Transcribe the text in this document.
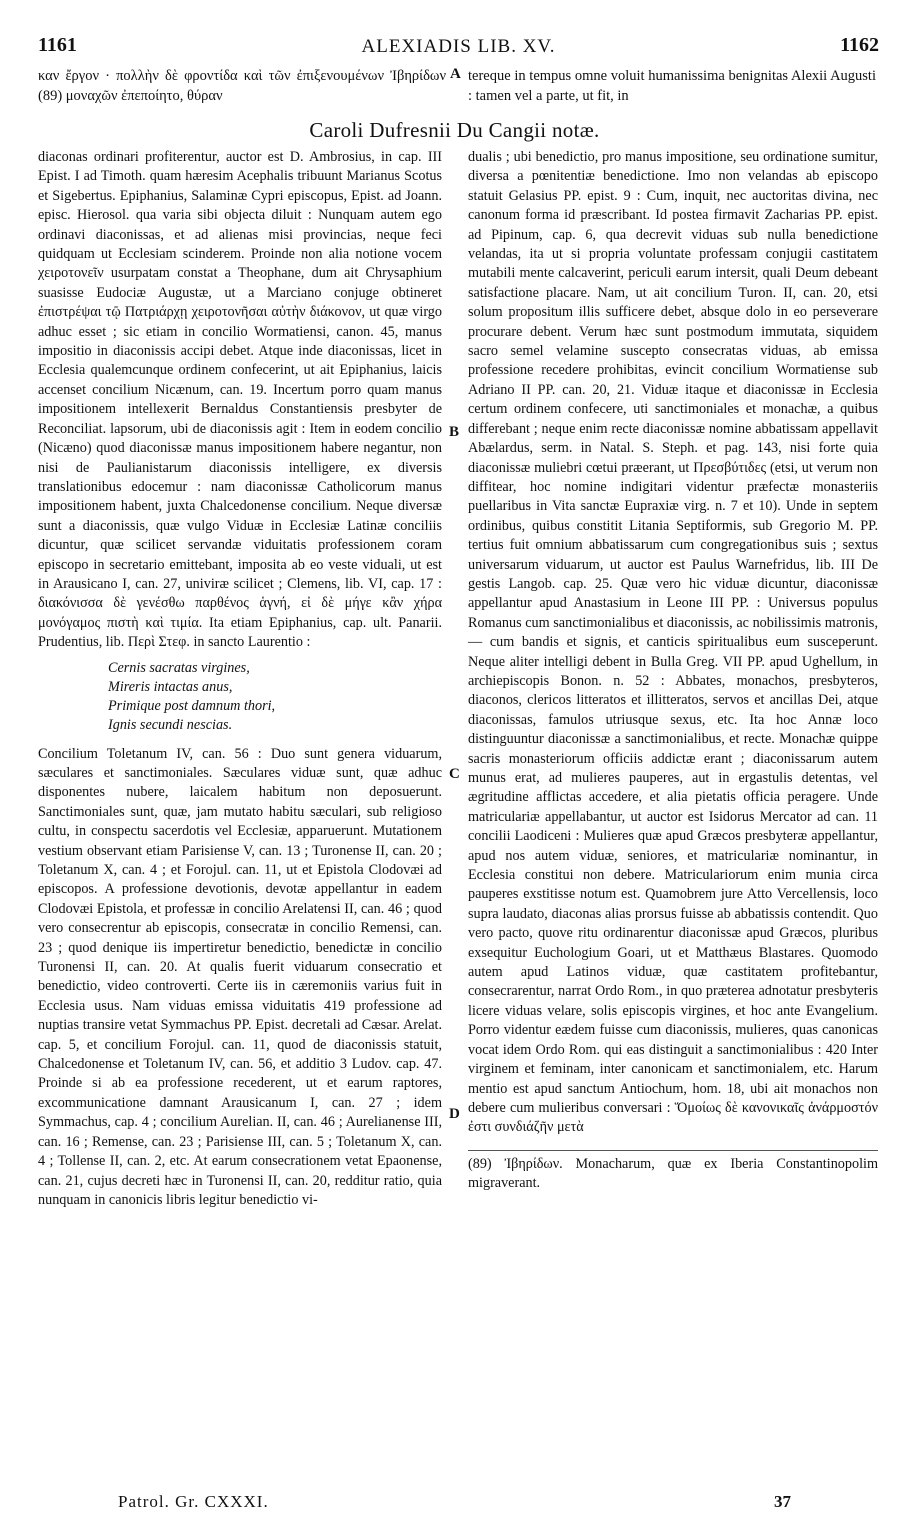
1161	ALEXIADIS LIB. XV.	1162
καν ἔργον · πολλὴν δὲ φροντίδα καὶ τῶν ἐπιξενουμένων Ἰβηρίδων (89) μοναχῶν ἐπεποίητο, θύραν
A tereque in tempus omne voluit humanissima benignitas Alexii Augusti : tamen vel a parte, ut fit, in
Caroli Dufresnii Du Cangii notæ.

diaconas ordinari profiterentur, auctor est D. Ambrosius, in cap. III Epist. I ad Timoth. quam hæresim Acephalis tribuunt Marianus Scotus et Sigebertus. Epiphanius, Salaminæ Cypri episcopus, Epist. ad Joann. episc. Hierosol. qua varia sibi objecta diluit : Nunquam autem ego ordinavi diaconissas, et ad alienas misi provincias, neque feci quidquam ut Ecclesiam scinderem. Proinde non alia notione vocem χειροτονεῖν usurpatam constat a Theophane, dum ait Chrysaphium suasisse Eudociæ Augustæ, ut a Marciano conjuge obtineret ἐπιστρέψαι τῷ Πατριάρχῃ χειροτονῆσαι αὐτὴν διάκονον, ut quæ virgo adhuc esset ; sic etiam in concilio Wormatiensi, canon. 45, manus impositio in diaconissis accipi debet. Atque inde diaconissas, licet in Ecclesia qualemcunque ordinem confecerint, ut ait Epiphanius, laicis accenset concilium Nicænum, can. 19. Incertum porro quam manus impositionem intellexerit Bernaldus Constantiensis presbyter de Reconciliat. lapsorum, ubi de diaconissis agit : Item in eodem concilio (Nicæno) quod diaconissæ manus impositionem habere negantur, non nisi de Paulianistarum diaconissis intelligere, ex diversis translationibus edocemur : nam diaconissæ Catholicorum manus impositionem habent, juxta Chalcedonense concilium. Neque diversæ sunt a diaconissis, quæ vulgo Viduæ in Ecclesiæ Latinæ conciliis dicuntur, quæ scilicet servandæ viduitatis professionem coram episcopo in secretario emittebant, imposita ab eo veste viduali, ut est in Arausicano I, can. 27, univiræ scilicet ; Clemens, lib. VI, cap. 17 : διακόνισσα δὲ γενέσθω παρθένος ἁγνή, εἰ δὲ μήγε κἂν χήρα μονόγαμος πιστὴ καὶ τιμία. Ita etiam Epiphanius, cap. ult. Panarii. Prudentius, lib. Περὶ Στεφ. in sancto Laurentio :

Cernis sacratas virgines,
Mireris intactas anus,
Primique post damnum thori,
Ignis secundi nescias.

Concilium Toletanum IV, can. 56 : Duo sunt genera viduarum, sæculares et sanctimoniales. Sæculares viduæ sunt, quæ adhuc disponentes nubere, laicalem habitum non deposuerunt. Sanctimoniales sunt, quæ, jam mutato habitu sæculari, sub religioso cultu, in conspectu sacerdotis vel Ecclesiæ, apparuerunt. Mutationem vestium observant etiam Parisiense V, can. 13 ; Turonense II, can. 20 ; Toletanum X, can. 4 ; et Forojul. can. 11, ut et Epistola Clodovæi ad episcopos. A professione devotionis, devotæ appellantur in eadem Clodovæi Epistola, et professæ in concilio Arelatensi II, can. 46 ; quod vero consecrentur ab episcopis, consecratæ in concilio Remensi, can. 23 ; quod denique iis impertiretur benedictio, benedictæ in concilio Turonensi II, can. 20. At qualis fuerit viduarum consecratio et benedictio, video controverti. Certe iis in cæremoniis varius fuit in Ecclesia usus. Nam viduas emissa viduitatis 419 professione ad nuptias transire vetat Symmachus PP. Epist. decretali ad Cæsar. Arelat. cap. 5, et concilium Forojul. can. 11, quod de diaconissis statuit, Chalcedonense et Toletanum IV, can. 56, et additio 3 Ludov. cap. 47. Proinde si ab ea professione recederent, ut et earum raptores, excommunicatione damnant Arausicanum I, can. 27 ; idem Symmachus, cap. 4 ; concilium Aurelian. II, can. 46 ; Aurelianense III, can. 16 ; Remense, can. 23 ; Parisiense III, can. 5 ; Toletanum X, can. 4 ; Tollense II, can. 2, etc. At earum consecrationem vetat Epaonense, can. 21, cujus decreti hæc in Turonensi II, can. 20, redditur ratio, quia nunquam in canonicis libris legitur benedictio vi-

B
C
D

dualis ; ubi benedictio, pro manus impositione, seu ordinatione sumitur, diversa a pœnitentiæ benedictione. Imo non velandas ab episcopo statuit Gelasius PP. epist. 9 : Cum, inquit, nec auctoritas divina, nec canonum forma id præscribant. Id postea firmavit Zacharias PP. epist. ad Pipinum, cap. 6, qua decrevit viduas sub nulla benedictione velandas, ita ut si propria voluntate professam conjugii castitatem mutabili mente calcaverint, periculi earum intersit, quali Deum debeant satisfactione placare. Nam, ut ait concilium Turon. II, can. 20, etsi solum propositum illis sufficere debet, absque dolo in eo perseverare procurare debent. Verum hæc sunt postmodum immutata, siquidem sacro semel velamine suscepto consecratas viduas, ab emissa professione recedere prohibitas, evincit concilium Wormatiense sub Adriano II PP. can. 20, 21. Viduæ itaque et diaconissæ in Ecclesia certum ordinem confecere, uti sanctimoniales et monachæ, a quibus differebant ; neque enim recte diaconissæ nomine abbatissam appellavit Abælardus, serm. in Natal. S. Steph. et pag. 143, nisi forte quia diaconissæ muliebri cœtui præerant, ut Πρεσβύτιδες (etsi, ut verum non diffitear, hoc nomine indigitari videntur præfectæ monasteriis puellaribus in Vita sanctæ Eupraxiæ virg. n. 7 et 10). Unde in septem ordinibus, quibus constitit Litania Septiformis, sub Gregorio M. PP. tertius fuit omnium abbatissarum cum congregationibus suis ; sextus universarum viduarum, ut auctor est Paulus Warnefridus, lib. III De gestis Langob. cap. 25. Quæ vero hic viduæ dicuntur, diaconissæ appellantur apud Anastasium in Leone III PP. : Universus populus Romanus cum sanctimonialibus et diaconissis, ac nobilissimis matronis, — cum bandis et signis, et canticis spiritualibus eum susceperunt. Neque aliter intelligi debent in Bulla Greg. VII PP. apud Ughellum, in archiepiscopis Bonon. n. 52 : Abbates, monachos, presbyteros, diaconos, clericos litteratos et illitteratos, servos et ancillas Dei, atque diaconissas, famulos utriusque sexus, etc. Ita hoc Annæ loco distinguuntur diaconissæ a sanctimonialibus, et recte. Monachæ quippe sacris monasteriorum officiis addictæ erant ; diaconissarum autem munus erat, ad mulieres pauperes, aut in ergastulis detentas, vel ægritudine afflictas accedere, et alia pietatis officia peragere. Unde matriculariæ appellabantur, ut auctor est Isidorus Mercator ad can. 11 concilii Laodiceni : Mulieres quæ apud Græcos presbyteræ appellantur, apud nos autem viduæ, seniores, et matriculariæ nominantur, in Ecclesia constitui non debere. Matriculariorum enim munia circa pauperes exstitisse notum est. Quamobrem jure Atto Vercellensis, loco supra laudato, diaconas alias prorsus fuisse ab abbatissis contendit. Quo vero pacto, quove ritu ordinarentur diaconissæ apud Græcos, pluribus exsequitur Euchologium Goari, ut et Matthæus Blastares. Quomodo autem apud Latinos viduæ, quæ castitatem profitebantur, consecrarentur, narrat Ordo Rom., in quo præterea adnotatur presbyteris licere viduas velare, solis episcopis virgines, et hoc ante Evangelium. Porro videntur eædem fuisse cum diaconissis, mulieres, quas canonicas vocat idem Ordo Rom. qui eas distinguit a sanctimonialibus : 420 Inter virginem et feminam, inter canonicam et sanctimonialem, etc. Harum mentio est apud sanctum Antiochum, hom. 18, ubi ait monachos non debere cum mulieribus conversari : Ὅμοίως δὲ κανονικαῖς ἀνάρμοστόν ἐστι συνδιάζῆν μετὰ

(89) Ἰβηρίδων. Monacharum, quæ ex Iberia Constantinopolim migraverant.

Patrol. Gr. CXXXI.	37
